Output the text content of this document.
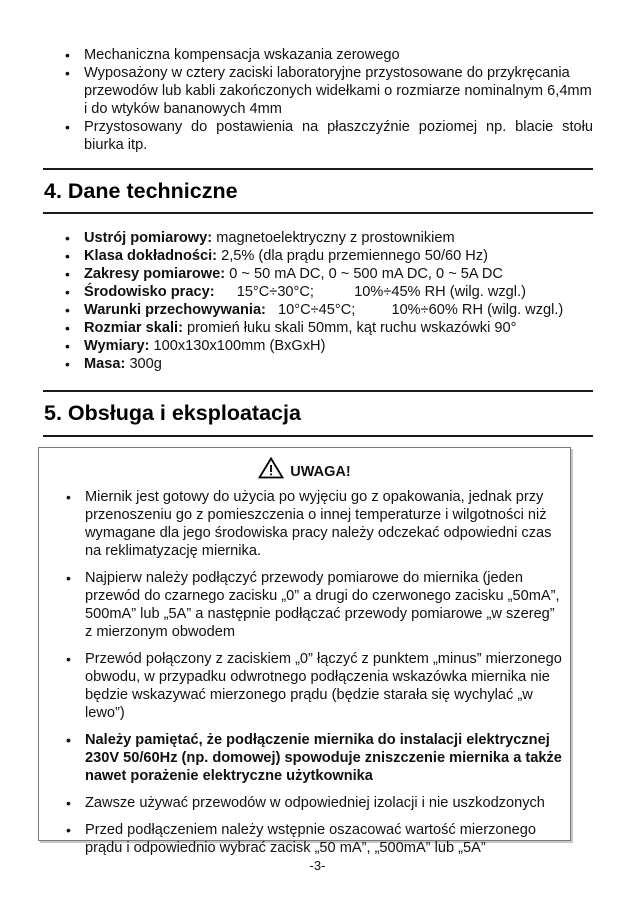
• Mechaniczna kompensacja wskazania zerowego
• Wyposażony w cztery zaciski laboratoryjne przystosowane do przykręcania przewodów lub kabli zakończonych widełkami o rozmiarze nominalnym 6,4mm i do wtyków bananowych 4mm
• Przystosowany do postawienia na płaszczyźnie poziomej np. blacie stołu biurka itp.
4. Dane techniczne
• Ustrój pomiarowy: magnetoelektryczny z prostownikiem
• Klasa dokładności: 2,5% (dla prądu przemiennego 50/60 Hz)
• Zakresy pomiarowe: 0 ~ 50 mA DC, 0 ~ 500 mA DC, 0 ~ 5A DC
• Środowisko pracy: 15°C÷30°C;	10%÷45% RH (wilg. wzgl.)
• Warunki przechowywania: 10°C÷45°C; 10%÷60% RH (wilg. wzgl.)
• Rozmiar skali: promień łuku skali 50mm, kąt ruchu wskazówki 90°
• Wymiary: 100x130x100mm (BxGxH)
• Masa: 300g
5. Obsługa i eksploatacja
UWAGA!
• Miernik jest gotowy do użycia po wyjęciu go z opakowania, jednak przy przenoszeniu go z pomieszczenia o innej temperaturze i wilgotności niż wymagane dla jego środowiska pracy należy odczekać odpowiedni czas na reklimatyzację miernika.
• Najpierw należy podłączyć przewody pomiarowe do miernika (jeden przewód do czarnego zacisku „0” a drugi do czerwonego zacisku „50mA”, 500mA” lub „5A” a następnie podłączać przewody pomiarowe „w szereg” z mierzonym obwodem
• Przewód połączony z zaciskiem „0” łączyć z punktem „minus” mierzonego obwodu, w przypadku odwrotnego podłączenia wskazówka miernika nie będzie wskazywać mierzonego prądu (będzie starała się wychylać „w lewo”)
• Należy pamiętać, że podłączenie miernika do instalacji elektrycznej 230V 50/60Hz (np. domowej) spowoduje zniszczenie miernika a także nawet porażenie elektryczne użytkownika
• Zawsze używać przewodów w odpowiedniej izolacji i nie uszkodzonych
• Przed podłączeniem należy wstępnie oszacować wartość mierzonego prądu i odpowiednio wybrać zacisk „50 mA”, „500mA” lub „5A”
-3-
